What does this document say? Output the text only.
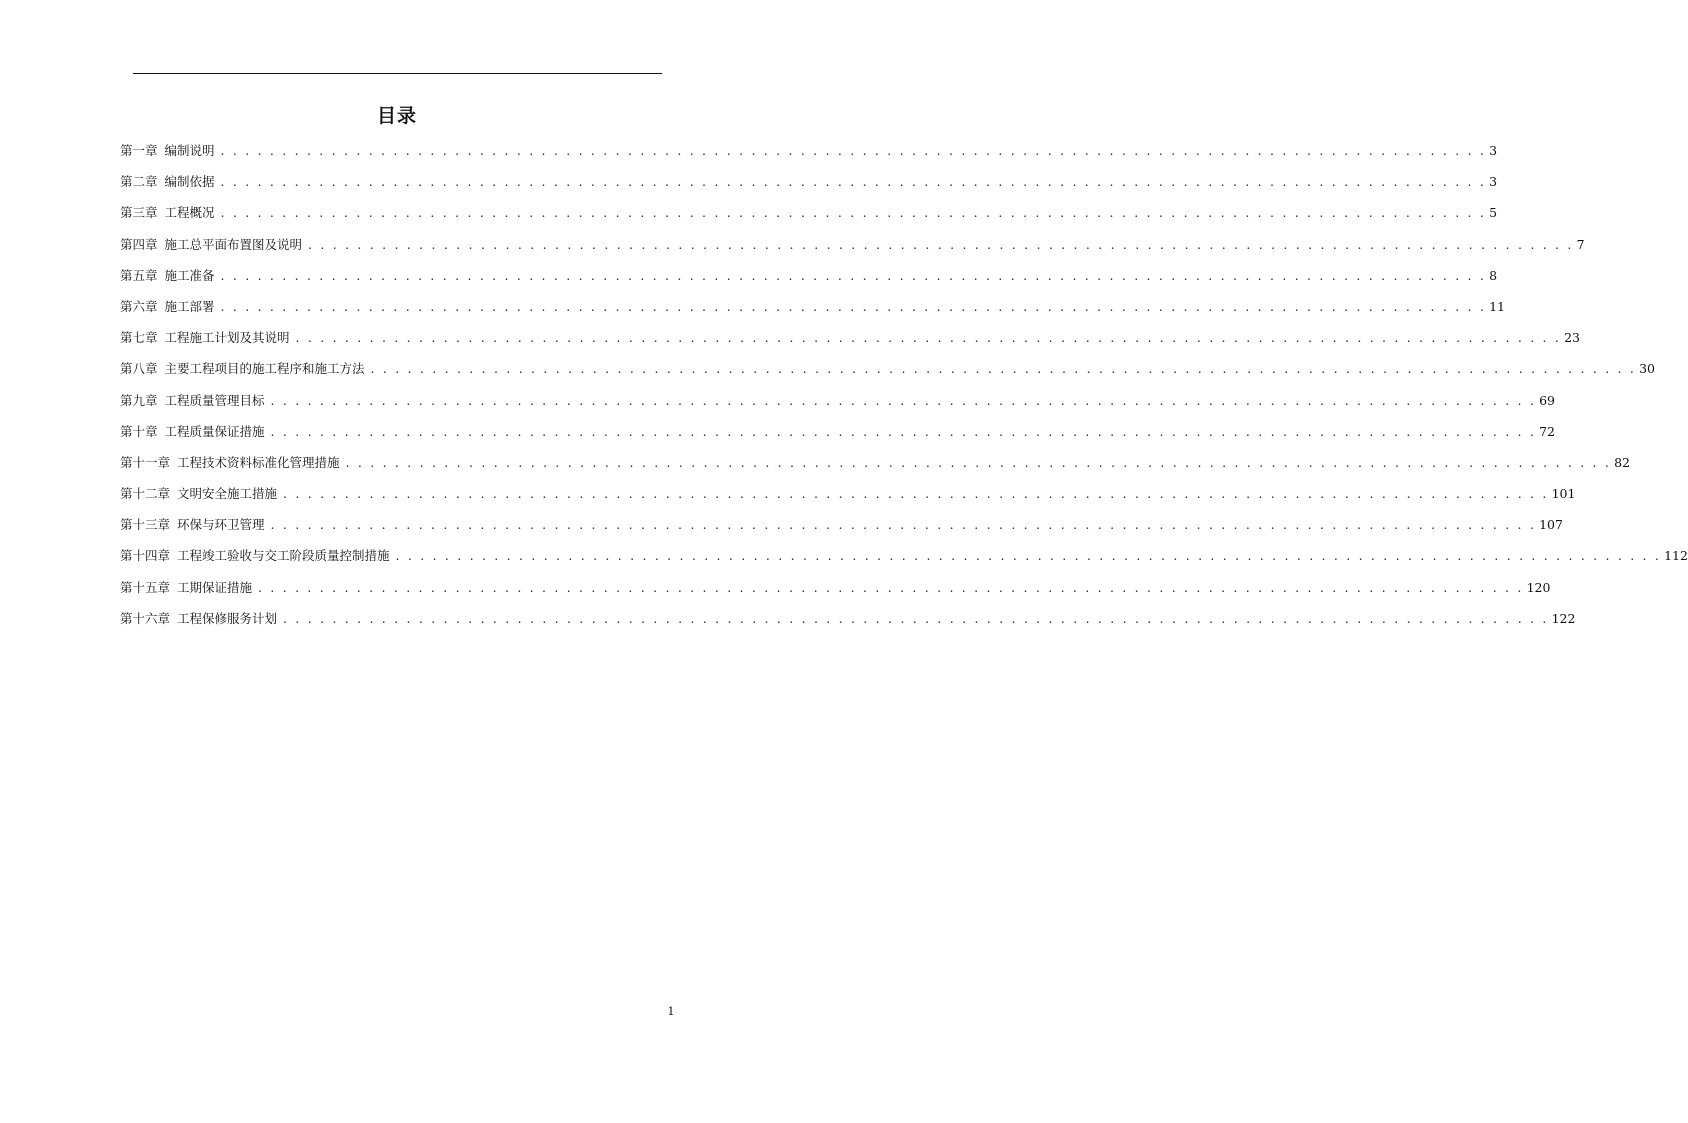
目录
第一章 编制说明 . . . . . . . . . . . . . . . . . . . . . . . . . . . . . . . . . . . . . . . . . . . . . . . . . . . . . . . . . . . . . . . . . . . . . . . . . . . . . . . . . . . . . . . . . . . . . . . . . . . . . . . 3
第二章 编制依据 . . . . . . . . . . . . . . . . . . . . . . . . . . . . . . . . . . . . . . . . . . . . . . . . . . . . . . . . . . . . . . . . . . . . . . . . . . . . . . . . . . . . . . . . . . . . . . . . . . . . . . . 3
第三章 工程概况 . . . . . . . . . . . . . . . . . . . . . . . . . . . . . . . . . . . . . . . . . . . . . . . . . . . . . . . . . . . . . . . . . . . . . . . . . . . . . . . . . . . . . . . . . . . . . . . . . . . . . . . 5
第四章 施工总平面布置图及说明 . . . . . . . . . . . . . . . . . . . . . . . . . . . . . . . . . . . . . . . . . . . . . . . . . . . . . . . . . . . . . . . . . . . . . . . . . . . . . . . . . . . . . . . . . . . . . . . . . . . . . . . 7
第五章 施工准备 . . . . . . . . . . . . . . . . . . . . . . . . . . . . . . . . . . . . . . . . . . . . . . . . . . . . . . . . . . . . . . . . . . . . . . . . . . . . . . . . . . . . . . . . . . . . . . . . . . . . . . . 8
第六章 施工部署 . . . . . . . . . . . . . . . . . . . . . . . . . . . . . . . . . . . . . . . . . . . . . . . . . . . . . . . . . . . . . . . . . . . . . . . . . . . . . . . . . . . . . . . . . . . . . . . . . . . . . . . 11
第七章 工程施工计划及其说明 . . . . . . . . . . . . . . . . . . . . . . . . . . . . . . . . . . . . . . . . . . . . . . . . . . . . . . . . . . . . . . . . . . . . . . . . . . . . . . . . . . . . . . . . . . . . . . . . . . . . . . . 23
第八章 主要工程项目的施工程序和施工方法 . . . . . . . . . . . . . . . . . . . . . . . . . . . . . . . . . . . . . . . . . . . . . . . . . . . . . . . . . . . . . . . . . . . . . . . . . . . . . . . . . . . . . . . . . . . . . . . . . . . . . . . 30
第九章 工程质量管理目标 . . . . . . . . . . . . . . . . . . . . . . . . . . . . . . . . . . . . . . . . . . . . . . . . . . . . . . . . . . . . . . . . . . . . . . . . . . . . . . . . . . . . . . . . . . . . . . . . . . . . . . . 69
第十章 工程质量保证措施 . . . . . . . . . . . . . . . . . . . . . . . . . . . . . . . . . . . . . . . . . . . . . . . . . . . . . . . . . . . . . . . . . . . . . . . . . . . . . . . . . . . . . . . . . . . . . . . . . . . . . . . 72
第十一章 工程技术资料标准化管理措施 . . . . . . . . . . . . . . . . . . . . . . . . . . . . . . . . . . . . . . . . . . . . . . . . . . . . . . . . . . . . . . . . . . . . . . . . . . . . . . . . . . . . . . . . . . . . . . . . . . . . . . . 82
第十二章 文明安全施工措施 . . . . . . . . . . . . . . . . . . . . . . . . . . . . . . . . . . . . . . . . . . . . . . . . . . . . . . . . . . . . . . . . . . . . . . . . . . . . . . . . . . . . . . . . . . . . . . . . . . . . . . . 101
第十三章 环保与环卫管理 . . . . . . . . . . . . . . . . . . . . . . . . . . . . . . . . . . . . . . . . . . . . . . . . . . . . . . . . . . . . . . . . . . . . . . . . . . . . . . . . . . . . . . . . . . . . . . . . . . . . . . . 107
第十四章 工程竣工验收与交工阶段质量控制措施 . . . . . . . . . . . . . . . . . . . . . . . . . . . . . . . . . . . . . . . . . . . . . . . . . . . . . . . . . . . . . . . . . . . . . . . . . . . . . . . . . . . . . . . . . . . . . . . . . . . . . . . 112
第十五章 工期保证措施 . . . . . . . . . . . . . . . . . . . . . . . . . . . . . . . . . . . . . . . . . . . . . . . . . . . . . . . . . . . . . . . . . . . . . . . . . . . . . . . . . . . . . . . . . . . . . . . . . . . . . . . 120
第十六章 工程保修服务计划 . . . . . . . . . . . . . . . . . . . . . . . . . . . . . . . . . . . . . . . . . . . . . . . . . . . . . . . . . . . . . . . . . . . . . . . . . . . . . . . . . . . . . . . . . . . . . . . . . . . . . . . 122
1
